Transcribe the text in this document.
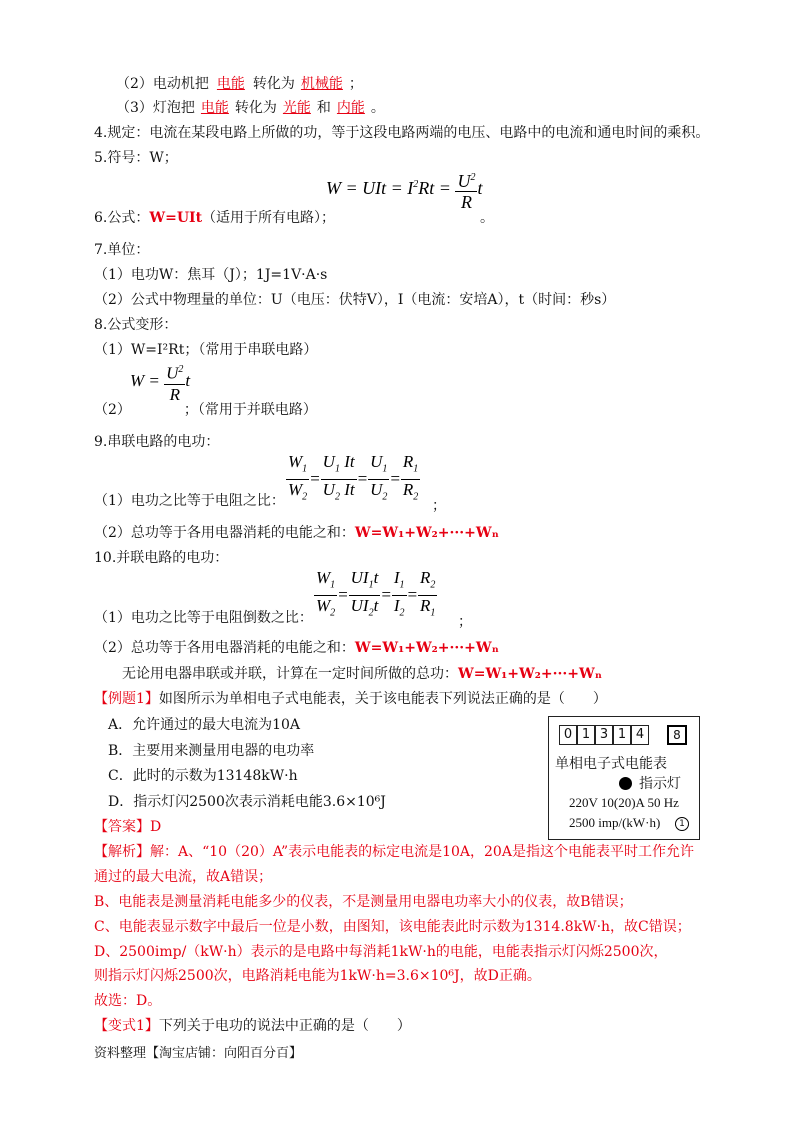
（2）电动机把 电能 转化为 机械能 ；
（3）灯泡把 电能 转化为 光能 和 内能 。
4.规定：电流在某段电路上所做的功，等于这段电路两端的电压、电路中的电流和通电时间的乘积。
5.符号：W；
W = UIt = $I^2Rt = \frac{U^2}{R}$ t
6.公式：W=UIt（适用于所有电路）；	。
7.单位：
（1）电功W：焦耳（J）；1J=1V·A·s
（2）公式中物理量的单位：U（电压：伏特V），I（电流：安培A），t（时间：秒s）
8.公式变形：
（1）W=I²Rt；（常用于串联电路）
$W = \frac{U^2}{R}$ t
（2）	；（常用于并联电路）
9.串联电路的电功：
$\frac{W_1}{W_2} = \frac{U_1 It}{U_2 It} = \frac{U_1}{U_2} = \frac{R_1}{R_2}$
（1）电功之比等于电阻之比：	；
（2）总功等于各用电器消耗的电能之和：W=W₁+W₂+···+Wₙ
10.并联电路的电功：
$\frac{W_1}{W_2} = \frac{UI_1t}{UI_2t} = \frac{I_1}{I_2} = \frac{R_2}{R_1}$
（1）电功之比等于电阻倒数之比：	；
（2）总功等于各用电器消耗的电能之和：W=W₁+W₂+···+Wₙ
无论用电器串联或并联，计算在一定时间所做的总功：W=W₁+W₂+···+Wₙ
【例题1】如图所示为单相电子式电能表，关于该电能表下列说法正确的是（　　）
A．允许通过的最大电流为10A
B．主要用来测量用电器的电功率
C．此时的示数为13148kW·h
D．指示灯闪2500次表示消耗电能3.6×10⁶J
0 1 3 1 4	8
单相电子式电能表
指示灯
220V 10(20)A 50 Hz
2500 imp/(kW·h)	1
【答案】D
【解析】解：A、“10（20）A”表示电能表的标定电流是10A，20A是指这个电能表平时工作允许
通过的最大电流，故A错误；
B、电能表是测量消耗电能多少的仪表，不是测量用电器电功率大小的仪表，故B错误；
C、电能表显示数字中最后一位是小数，由图知，该电能表此时示数为1314.8kW·h，故C错误；
D、2500imp/（kW·h）表示的是电路中每消耗1kW·h的电能，电能表指示灯闪烁2500次，
则指示灯闪烁2500次，电路消耗电能为1kW·h=3.6×10⁶J，故D正确。
故选：D。
【变式1】下列关于电功的说法中正确的是（　　）
资料整理【淘宝店铺：向阳百分百】
